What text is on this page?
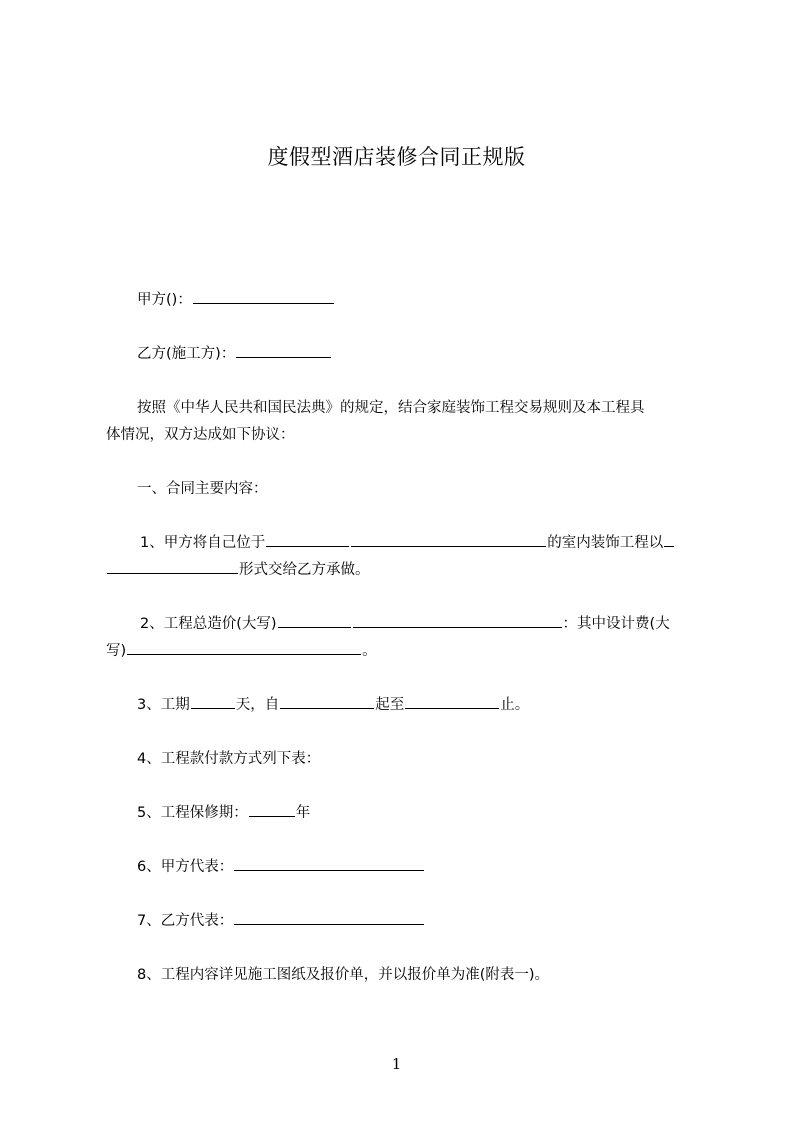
度假型酒店装修合同正规版
甲方()：
乙方(施工方)：
按照《中华人民共和国民法典》的规定，结合家庭装饰工程交易规则及本工程具
体情况，双方达成如下协议：
一、合同主要内容：
1、甲方将自己位于	的室内装饰工程以
形式交给乙方承做。
2、工程总造价(大写)	：其中设计费(大
写)	。
3、工期	天，自	起至	止。
4、工程款付款方式列下表：
5、工程保修期：	年
6、甲方代表：
7、乙方代表：
8、工程内容详见施工图纸及报价单，并以报价单为准(附表一)。
1
